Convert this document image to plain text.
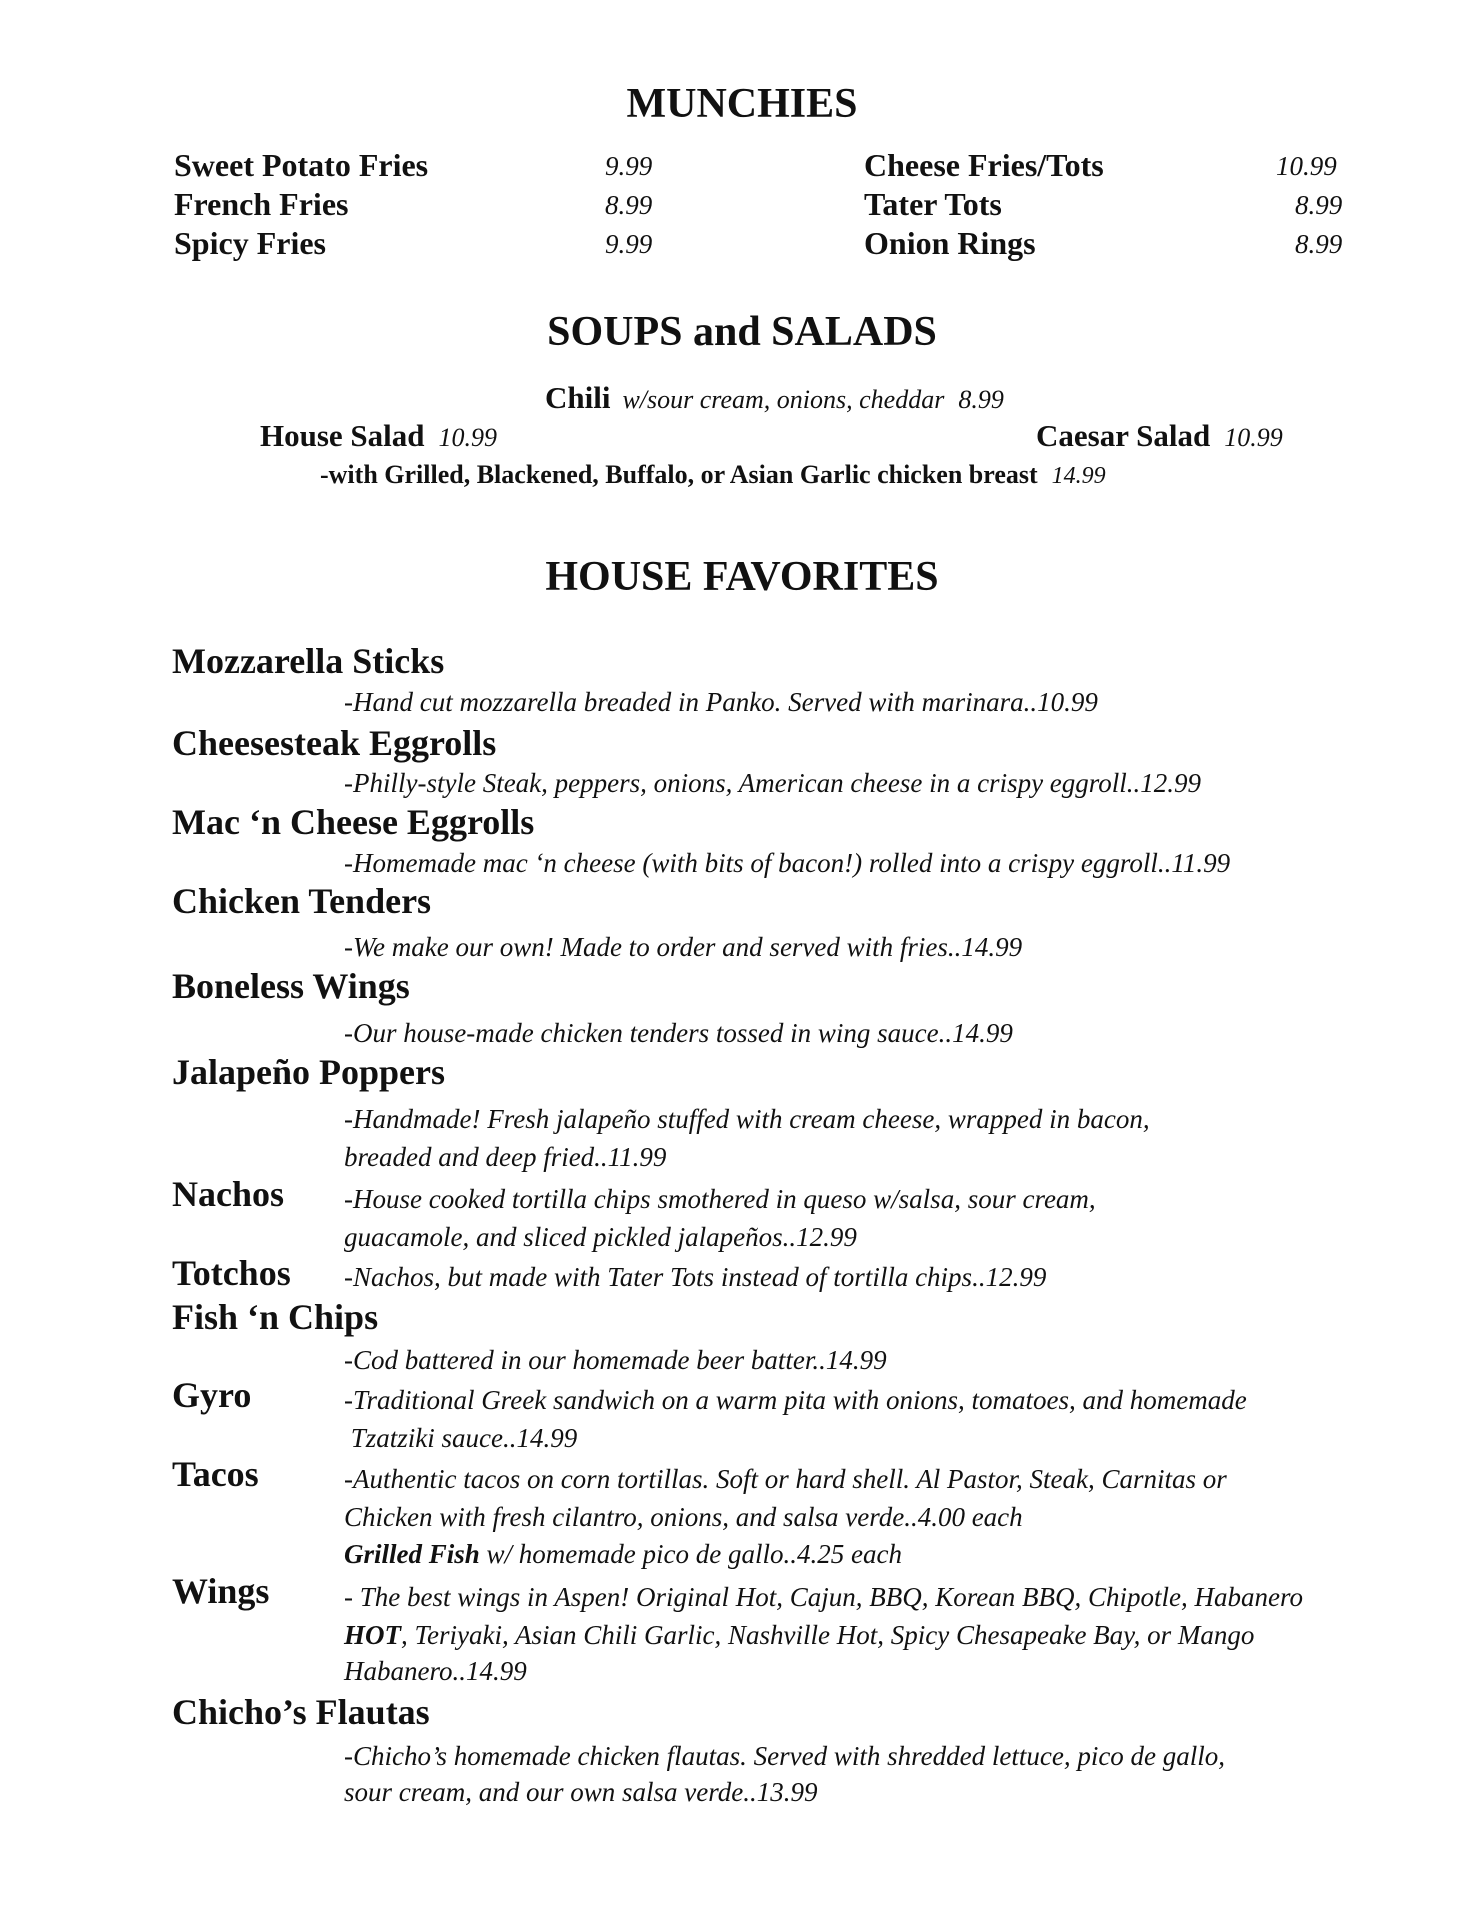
MUNCHIES
Sweet Potato Fries	9.99
French Fries	8.99
Spicy Fries	9.99
Cheese Fries/Tots	10.99
Tater Tots	8.99
Onion Rings	8.99
SOUPS and SALADS
Chili w/sour cream, onions, cheddar 8.99
House Salad 10.99	Caesar Salad 10.99
-with Grilled, Blackened, Buffalo, or Asian Garlic chicken breast 14.99
HOUSE FAVORITES
Mozzarella Sticks
-Hand cut mozzarella breaded in Panko. Served with marinara..10.99
Cheesesteak Eggrolls
-Philly-style Steak, peppers, onions, American cheese in a crispy eggroll..12.99
Mac ‘n Cheese Eggrolls
-Homemade mac ‘n cheese (with bits of bacon!) rolled into a crispy eggroll..11.99
Chicken Tenders
-We make our own! Made to order and served with fries..14.99
Boneless Wings
-Our house-made chicken tenders tossed in wing sauce..14.99
Jalapeño Poppers
-Handmade! Fresh jalapeño stuffed with cream cheese, wrapped in bacon,
breaded and deep fried..11.99
Nachos -House cooked tortilla chips smothered in queso w/salsa, sour cream,
guacamole, and sliced pickled jalapeños..12.99
Totchos -Nachos, but made with Tater Tots instead of tortilla chips..12.99
Fish ‘n Chips
-Cod battered in our homemade beer batter..14.99
Gyro	-Traditional Greek sandwich on a warm pita with onions, tomatoes, and homemade
Tzatziki sauce..14.99
Tacos	-Authentic tacos on corn tortillas. Soft or hard shell. Al Pastor, Steak, Carnitas or
Chicken with fresh cilantro, onions, and salsa verde..4.00 each
Grilled Fish w/ homemade pico de gallo..4.25 each
Wings	- The best wings in Aspen! Original Hot, Cajun, BBQ, Korean BBQ, Chipotle, Habanero
HOT, Teriyaki, Asian Chili Garlic, Nashville Hot, Spicy Chesapeake Bay, or Mango
Habanero..14.99
Chicho’s Flautas
-Chicho’s homemade chicken flautas. Served with shredded lettuce, pico de gallo,
sour cream, and our own salsa verde..13.99
